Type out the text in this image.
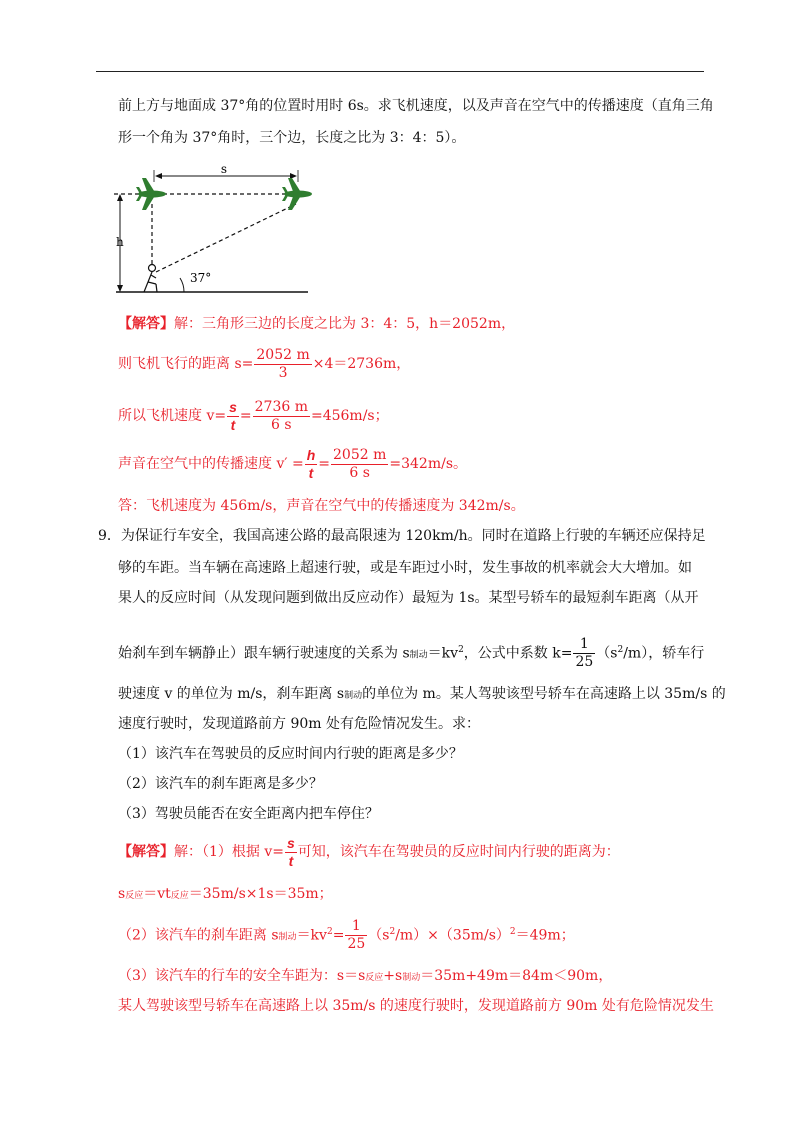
前上方与地面成 37°角的位置时用时 6s。求飞机速度，以及声音在空气中的传播速度（直角三角
形一个角为 37°角时，三个边，长度之比为 3：4：5）。
h
s
37°
【解答】解：三角形三边的长度之比为 3：4：5，h＝2052m，
则飞机飞行的距离 $s= \frac{2052 m}{3} \times 4=2736m$，
所以飞机速度 $v= \frac{s}{t} = \frac{2736 m}{6 s} =456m/s$；
声音在空气中的传播速度 $v' = \frac{h}{t} = \frac{2052 m}{6 s} =342m/s$。
答：飞机速度为 456m/s，声音在空气中的传播速度为 342m/s。
9．为保证行车安全，我国高速公路的最高限速为 120km/h。同时在道路上行驶的车辆还应保持足
够的车距。当车辆在高速路上超速行驶，或是车距过小时，发生事故的机率就会大大增加。如
果人的反应时间（从发现问题到做出反应动作）最短为 1s。某型号轿车的最短刹车距离（从开
始刹车到车辆静止）跟车辆行驶速度的关系为 s制动$=kv^2$，公式中系数 $k= \frac{1}{25} (s^2/m)$，轿车行
驶速度 v 的单位为 m/s，刹车距离 s制动的单位为 m。某人驾驶该型号轿车在高速路上以 35m/s 的
速度行驶时，发现道路前方 90m 处有危险情况发生。求：
（1）该汽车在驾驶员的反应时间内行驶的距离是多少？
（2）该汽车的刹车距离是多少？
（3）驾驶员能否在安全距离内把车停住？
【解答】解：（1）根据 $v= \frac{s}{t}$ 可知，该汽车在驾驶员的反应时间内行驶的距离为：
s反应＝vt反应＝35m/s×1s＝35m；
（2）该汽车的刹车距离 s制动$=kv^2= \frac{1}{25} (s^2/m)\times(35m/s)^2=49m$；
（3）该汽车的行车的安全车距为：s＝s反应+s制动＝35m+49m＝84m＜90m，
某人驾驶该型号轿车在高速路上以 35m/s 的速度行驶时，发现道路前方 90m 处有危险情况发生
